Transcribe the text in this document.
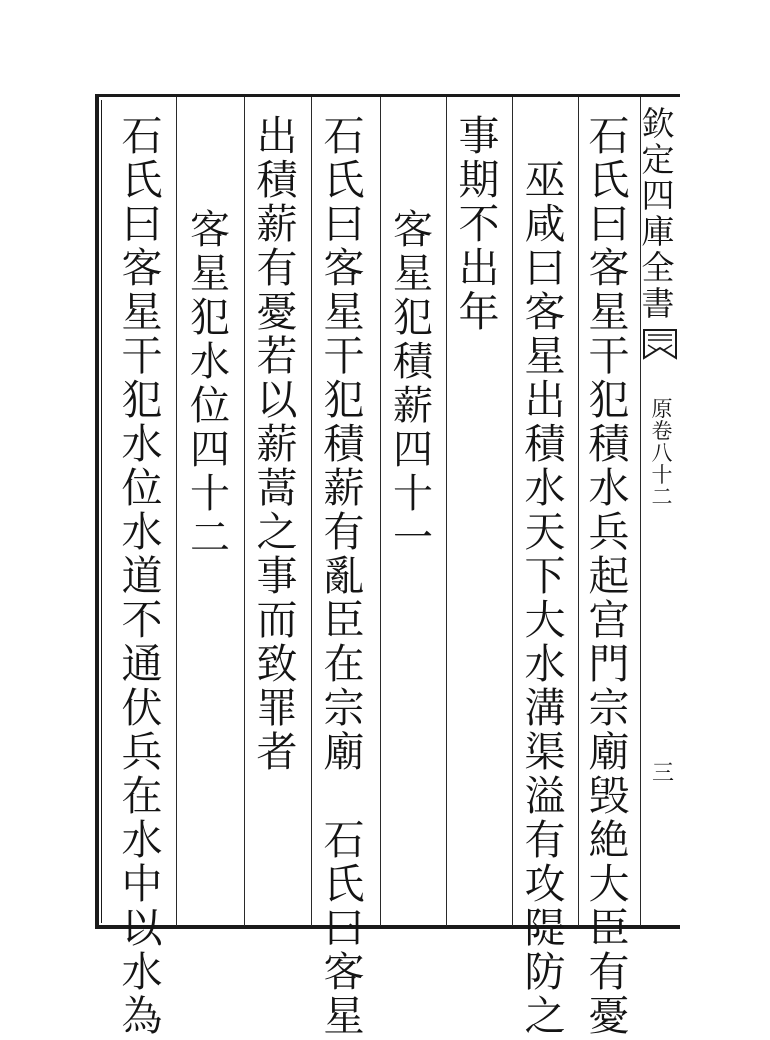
欽
定
四
庫
全
書
原
卷
八
十
二
三
石
氏
曰
客
星
干
犯
積
水
兵
起
宫
門
宗
廟
毁
絶
大
臣
有
憂
巫
咸
曰
客
星
出
積
水
天
下
大
水
溝
渠
溢
有
攻
隄
防
之
事
期
不
出
年
客
星
犯
積
薪
四
十
一
石
氏
曰
客
星
干
犯
積
薪
有
亂
臣
在
宗
廟

石
氏
曰
客
星
出
積
薪
有
憂
若
以
薪
蒿
之
事
而
致
罪
者
客
星
犯
水
位
四
十
二
石
氏
曰
客
星
干
犯
水
位
水
道
不
通
伏
兵
在
水
中
以
水
為
